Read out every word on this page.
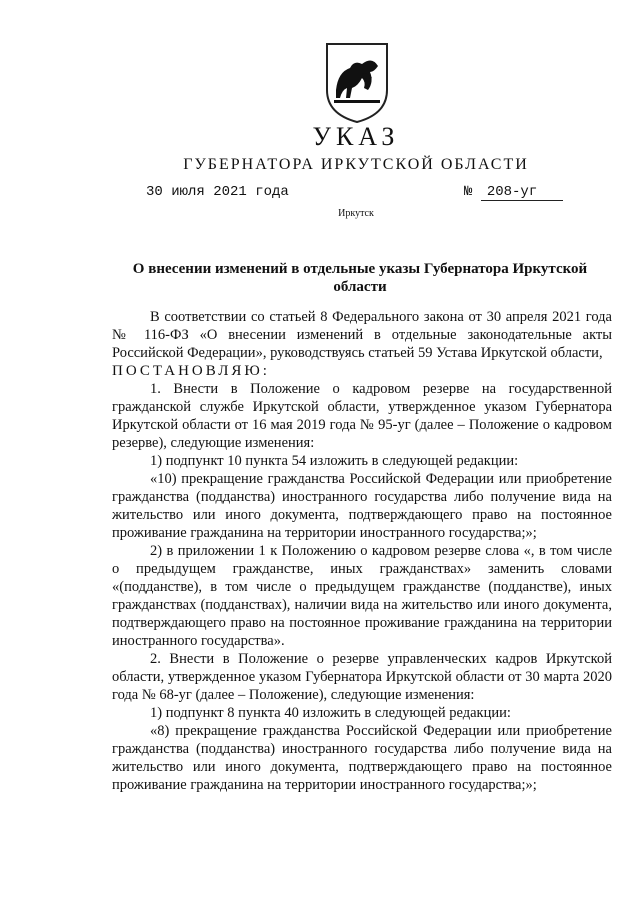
УКАЗ
ГУБЕРНАТОРА ИРКУТСКОЙ ОБЛАСТИ
30 июля 2021 года	№ 208-уг
Иркутск
О внесении изменений в отдельные указы Губернатора Иркутской области

В соответствии со статьей 8 Федерального закона от 30 апреля 2021 года № 116-ФЗ «О внесении изменений в отдельные законодательные акты Российской Федерации», руководствуясь статьей 59 Устава Иркутской области,

ПОСТАНОВЛЯЮ:

1. Внести в Положение о кадровом резерве на государственной гражданской службе Иркутской области, утвержденное указом Губернатора Иркутской области от 16 мая 2019 года № 95-уг (далее – Положение о кадровом резерве), следующие изменения:

1) подпункт 10 пункта 54 изложить в следующей редакции:

«10) прекращение гражданства Российской Федерации или приобретение гражданства (подданства) иностранного государства либо получение вида на жительство или иного документа, подтверждающего право на постоянное проживание гражданина на территории иностранного государства;»;

2) в приложении 1 к Положению о кадровом резерве слова «, в том числе о предыдущем гражданстве, иных гражданствах» заменить словами «(подданстве), в том числе о предыдущем гражданстве (подданстве), иных гражданствах (подданствах), наличии вида на жительство или иного документа, подтверждающего право на постоянное проживание гражданина на территории иностранного государства».

2. Внести в Положение о резерве управленческих кадров Иркутской области, утвержденное указом Губернатора Иркутской области от 30 марта 2020 года № 68-уг (далее – Положение), следующие изменения:

1) подпункт 8 пункта 40 изложить в следующей редакции:

«8) прекращение гражданства Российской Федерации или приобретение гражданства (подданства) иностранного государства либо получение вида на жительство или иного документа, подтверждающего право на постоянное проживание гражданина на территории иностранного государства;»;
